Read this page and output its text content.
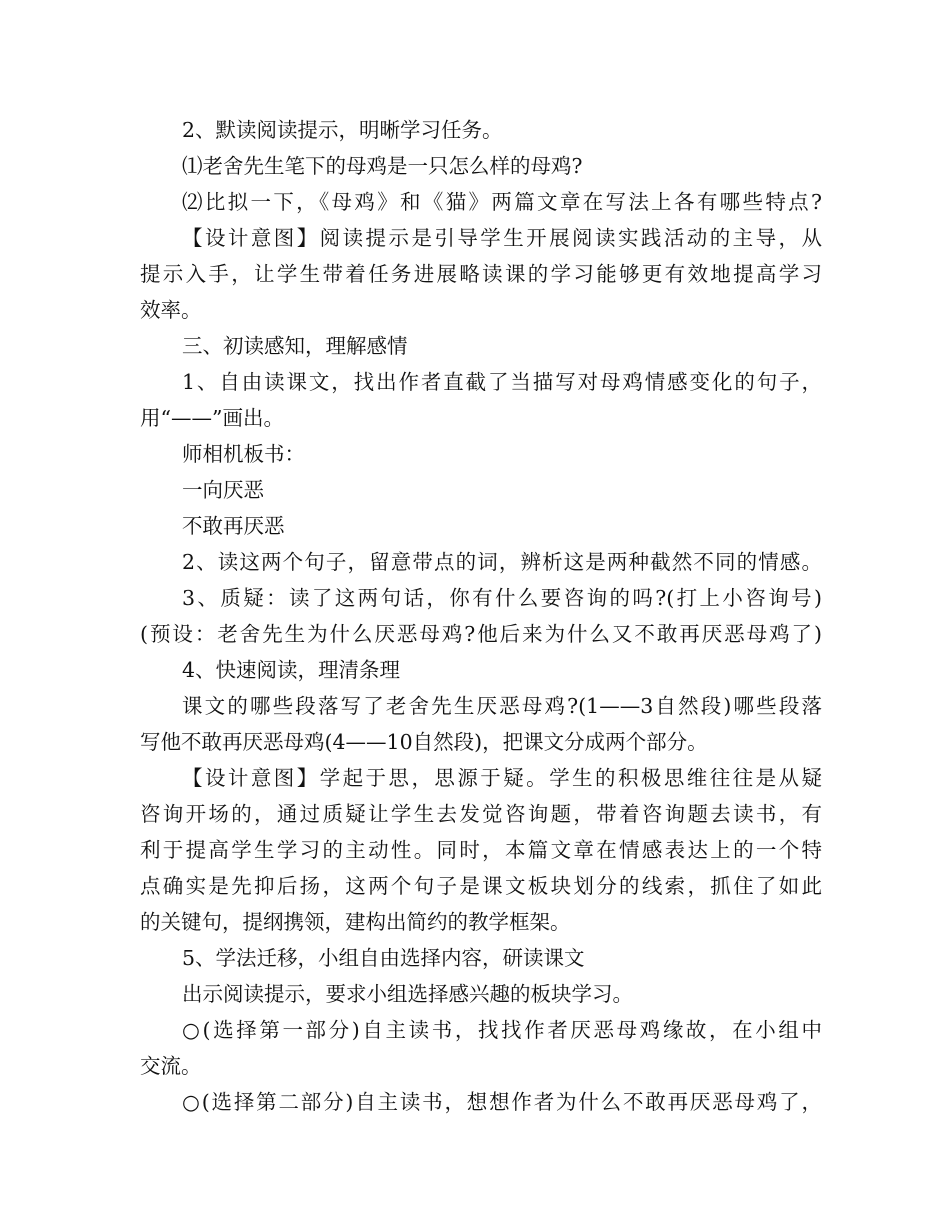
2、默读阅读提示，明晰学习任务。
⑴老舍先生笔下的母鸡是一只怎么样的母鸡?
⑵比拟一下，《母鸡》和《猫》两篇文章在写法上各有哪些特点?
【设计意图】阅读提示是引导学生开展阅读实践活动的主导，从
提示入手，让学生带着任务进展略读课的学习能够更有效地提高学习
效率。
三、初读感知，理解感情
1、自由读课文，找出作者直截了当描写对母鸡情感变化的句子，
用“——”画出。
师相机板书：
一向厌恶
不敢再厌恶
2、读这两个句子，留意带点的词，辨析这是两种截然不同的情感。
3、质疑：读了这两句话，你有什么要咨询的吗?(打上小咨询号)
(预设：老舍先生为什么厌恶母鸡?他后来为什么又不敢再厌恶母鸡了)
4、快速阅读，理清条理
课文的哪些段落写了老舍先生厌恶母鸡?(1——3自然段)哪些段落
写他不敢再厌恶母鸡(4——10自然段)，把课文分成两个部分。
【设计意图】学起于思，思源于疑。学生的积极思维往往是从疑
咨询开场的，通过质疑让学生去发觉咨询题，带着咨询题去读书，有
利于提高学生学习的主动性。同时，本篇文章在情感表达上的一个特
点确实是先抑后扬，这两个句子是课文板块划分的线索，抓住了如此
的关键句，提纲携领，建构出简约的教学框架。
5、学法迁移，小组自由选择内容，研读课文
出示阅读提示，要求小组选择感兴趣的板块学习。
○(选择第一部分)自主读书，找找作者厌恶母鸡缘故，在小组中
交流。
○(选择第二部分)自主读书，想想作者为什么不敢再厌恶母鸡了，
